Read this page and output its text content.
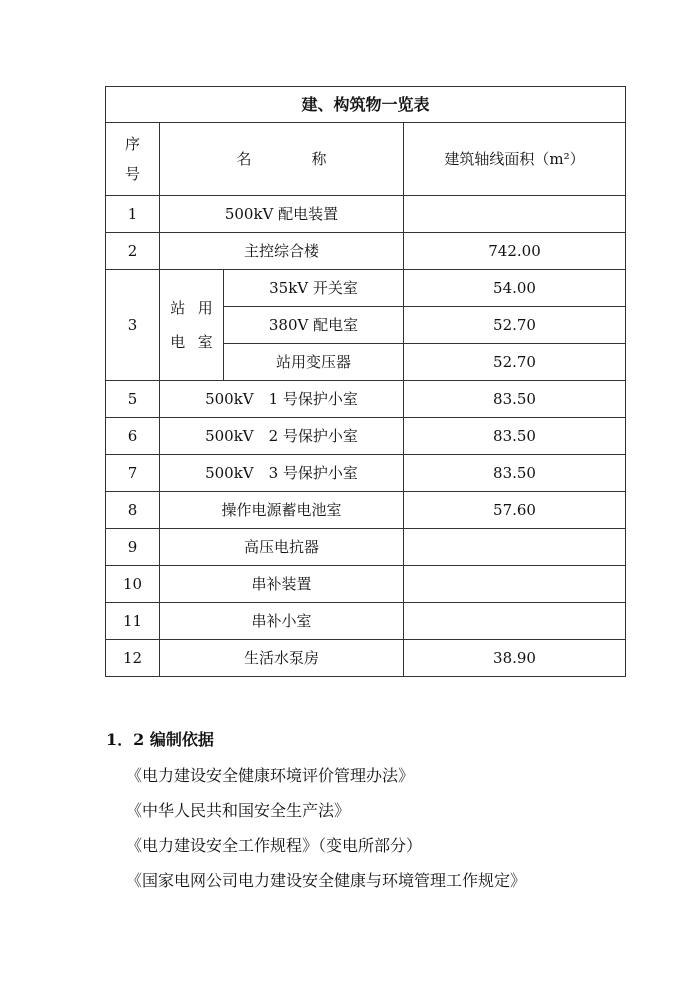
建、构筑物一览表			

序
号	名　　　　称		建筑轴线面积（m²）
1	500kV 配电装置		
2	主控综合楼		742.00
3	站 用
电 室	35kV 开关室	54.00
		380V 配电室	52.70
		站用变压器	52.70
5	500kV　1 号保护小室		83.50
6	500kV　2 号保护小室		83.50
7	500kV　3 号保护小室		83.50
8	操作电源蓄电池室		57.60
9	高压电抗器		
10	串补装置		
11	串补小室		
12	生活水泵房		38.90
1．2 编制依据
《电力建设安全健康环境评价管理办法》
《中华人民共和国安全生产法》
《电力建设安全工作规程》（变电所部分）
《国家电网公司电力建设安全健康与环境管理工作规定》
